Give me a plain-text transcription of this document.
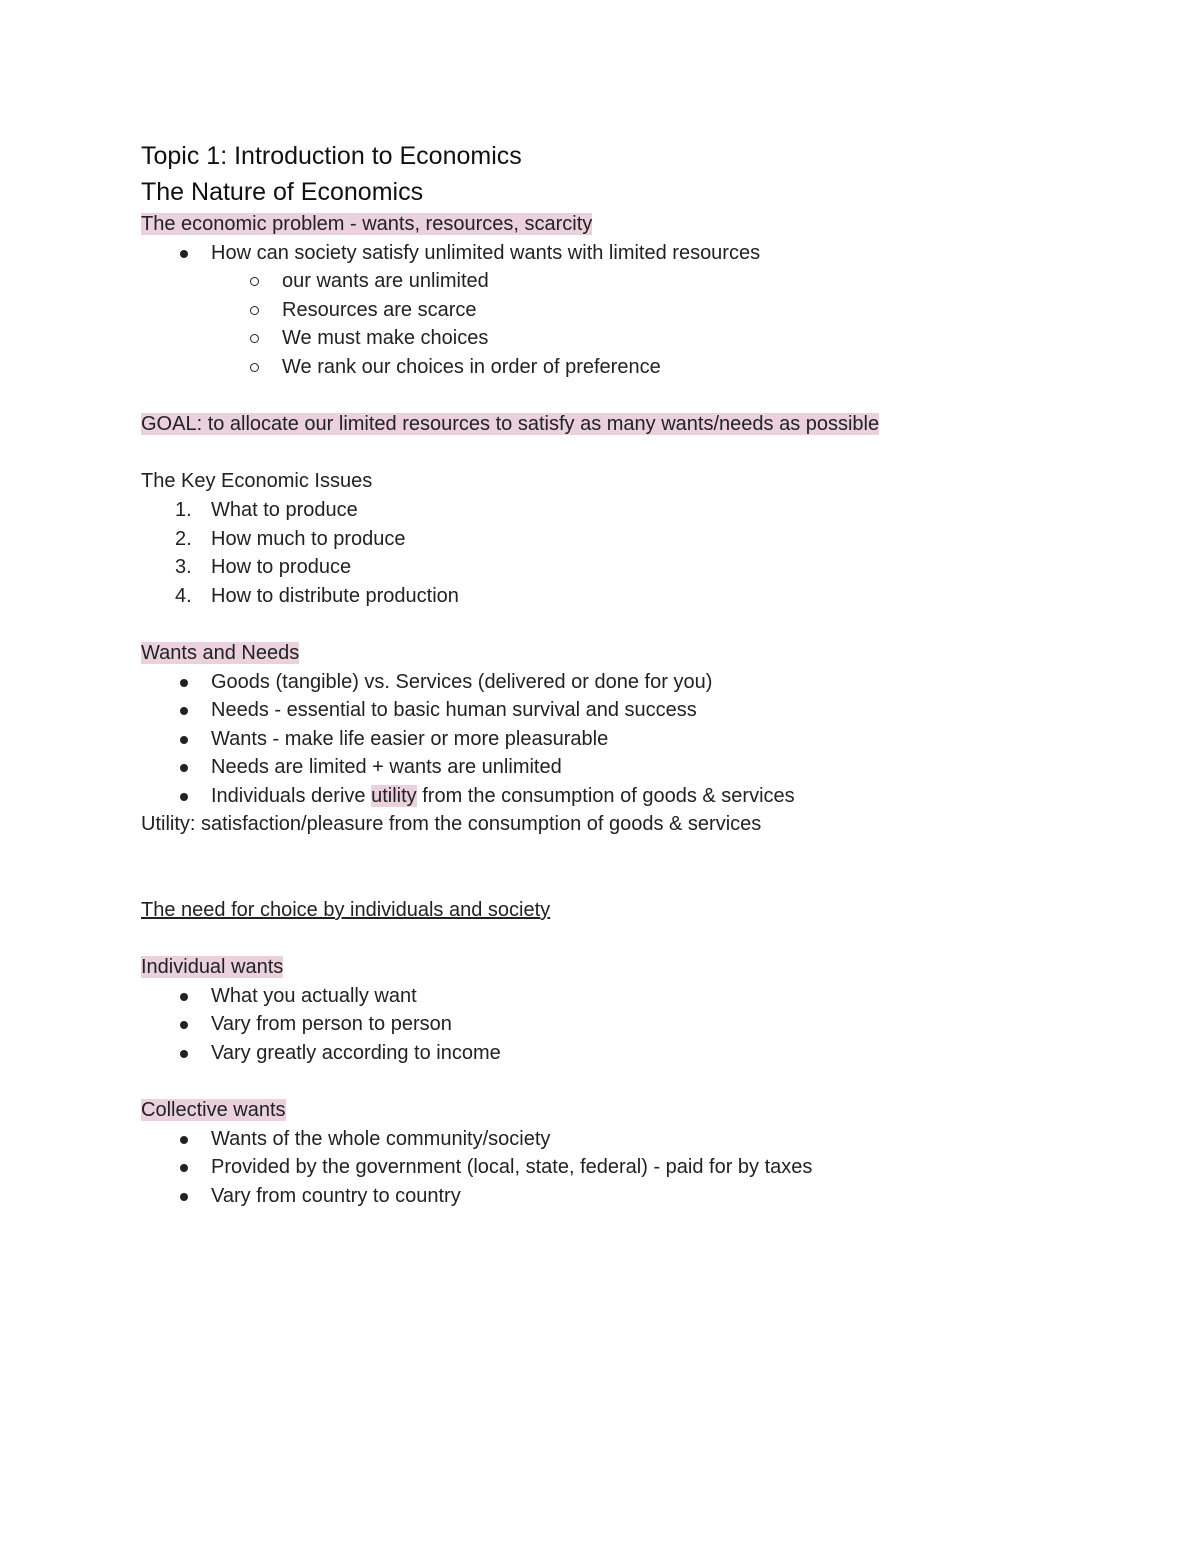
Topic 1: Introduction to Economics
The Nature of Economics
The economic problem - wants, resources, scarcity
How can society satisfy unlimited wants with limited resources
our wants are unlimited
Resources are scarce
We must make choices
We rank our choices in order of preference
GOAL: to allocate our limited resources to satisfy as many wants/needs as possible
The Key Economic Issues
1. What to produce
2. How much to produce
3. How to produce
4. How to distribute production
Wants and Needs
Goods (tangible) vs. Services (delivered or done for you)
Needs - essential to basic human survival and success
Wants - make life easier or more pleasurable
Needs are limited + wants are unlimited
Individuals derive utility from the consumption of goods & services
Utility: satisfaction/pleasure from the consumption of goods & services
The need for choice by individuals and society
Individual wants
What you actually want
Vary from person to person
Vary greatly according to income
Collective wants
Wants of the whole community/society
Provided by the government (local, state, federal) - paid for by taxes
Vary from country to country
